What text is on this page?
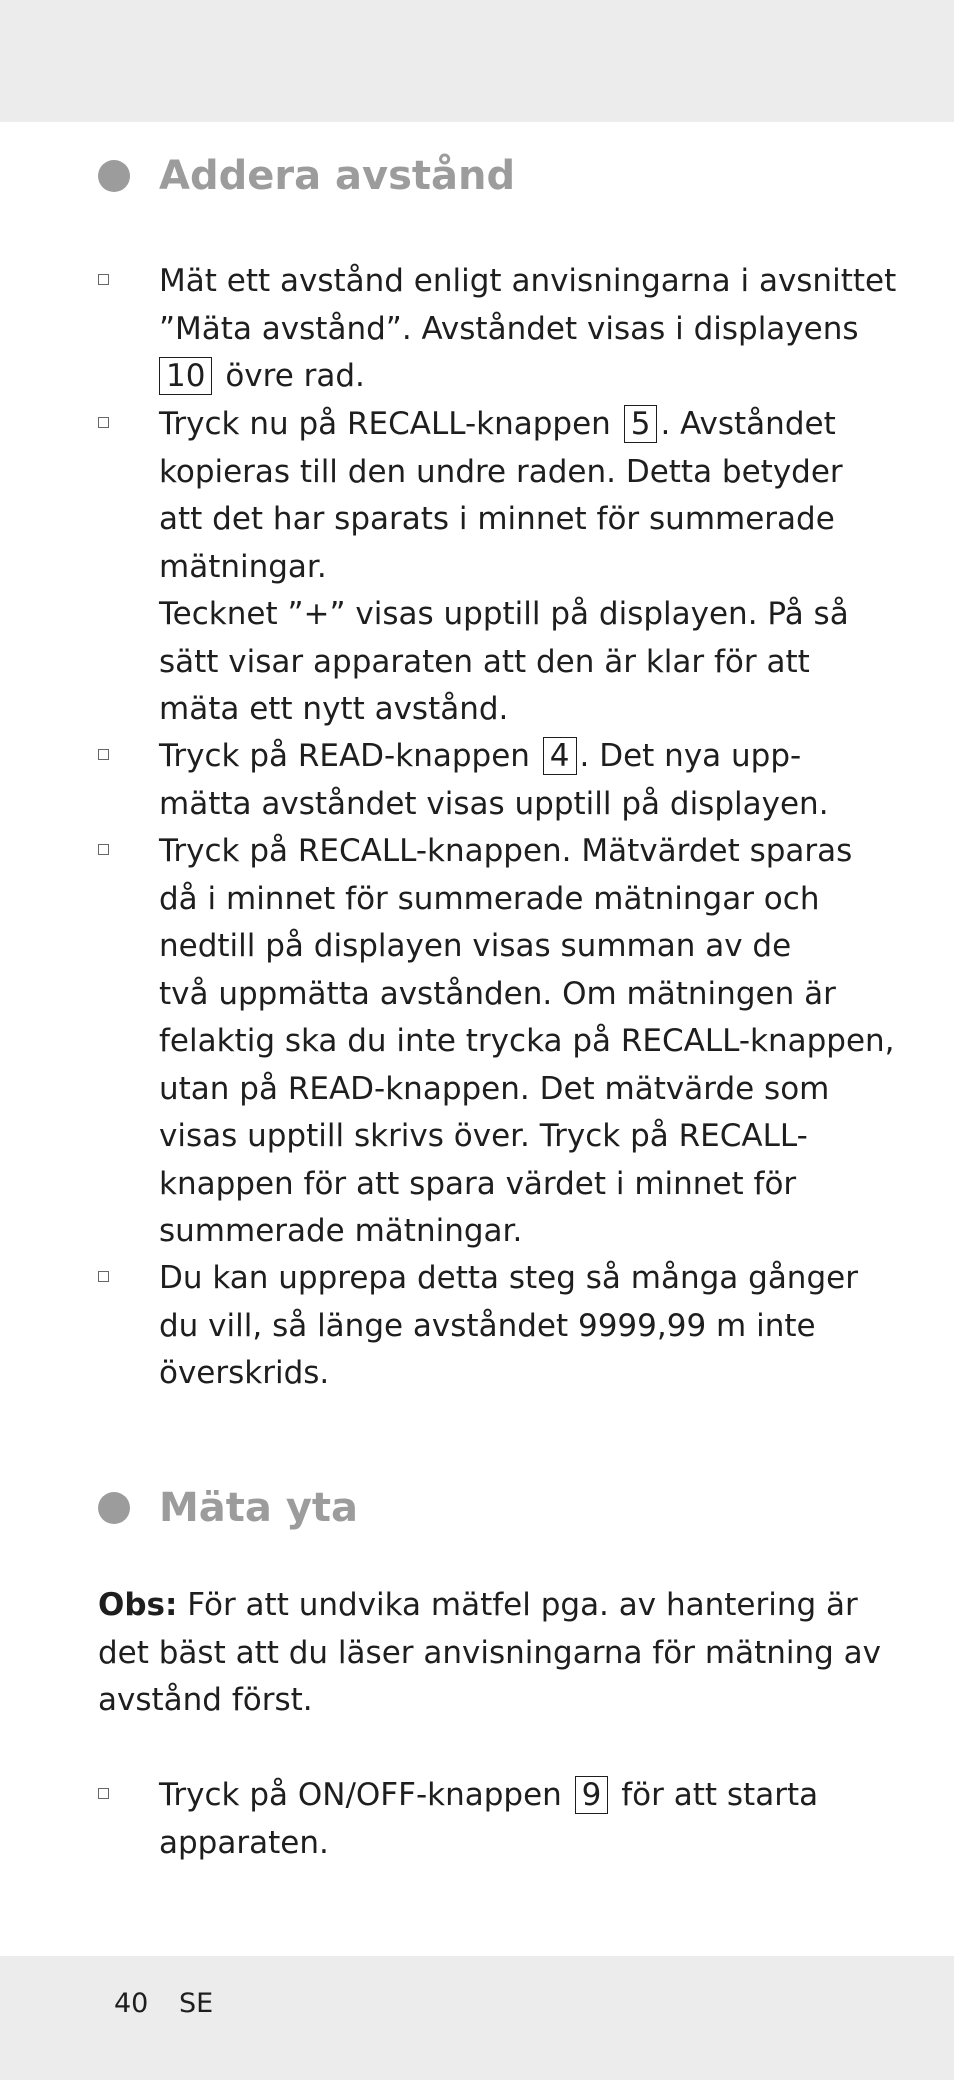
Addera avstånd

Mät ett avstånd enligt anvisningarna i avsnittet
”Mäta avstånd”. Avståndet visas i displayens
10 övre rad.

Tryck nu på RECALL-knappen 5 . Avståndet
kopieras till den undre raden. Detta betyder
att det har sparats i minnet för summerade
mätningar.
Tecknet ”+” visas upptill på displayen. På så
sätt visar apparaten att den är klar för att
mäta ett nytt avstånd.

Tryck på READ-knappen 4 . Det nya upp-
mätta avståndet visas upptill på displayen.

Tryck på RECALL-knappen. Mätvärdet sparas
då i minnet för summerade mätningar och
nedtill på displayen visas summan av de
två uppmätta avstånden. Om mätningen är
felaktig ska du inte trycka på RECALL-knappen,
utan på READ-knappen. Det mätvärde som
visas upptill skrivs över. Tryck på RECALL-
knappen för att spara värdet i minnet för
summerade mätningar.

Du kan upprepa detta steg så många gånger
du vill, så länge avståndet 9999,99 m inte
överskrids.

Mäta yta
Obs: För att undvika mätfel pga. av hantering är
det bäst att du läser anvisningarna för mätning av
avstånd först.

Tryck på ON/OFF-knappen 9 för att starta
apparaten.

40 SE
